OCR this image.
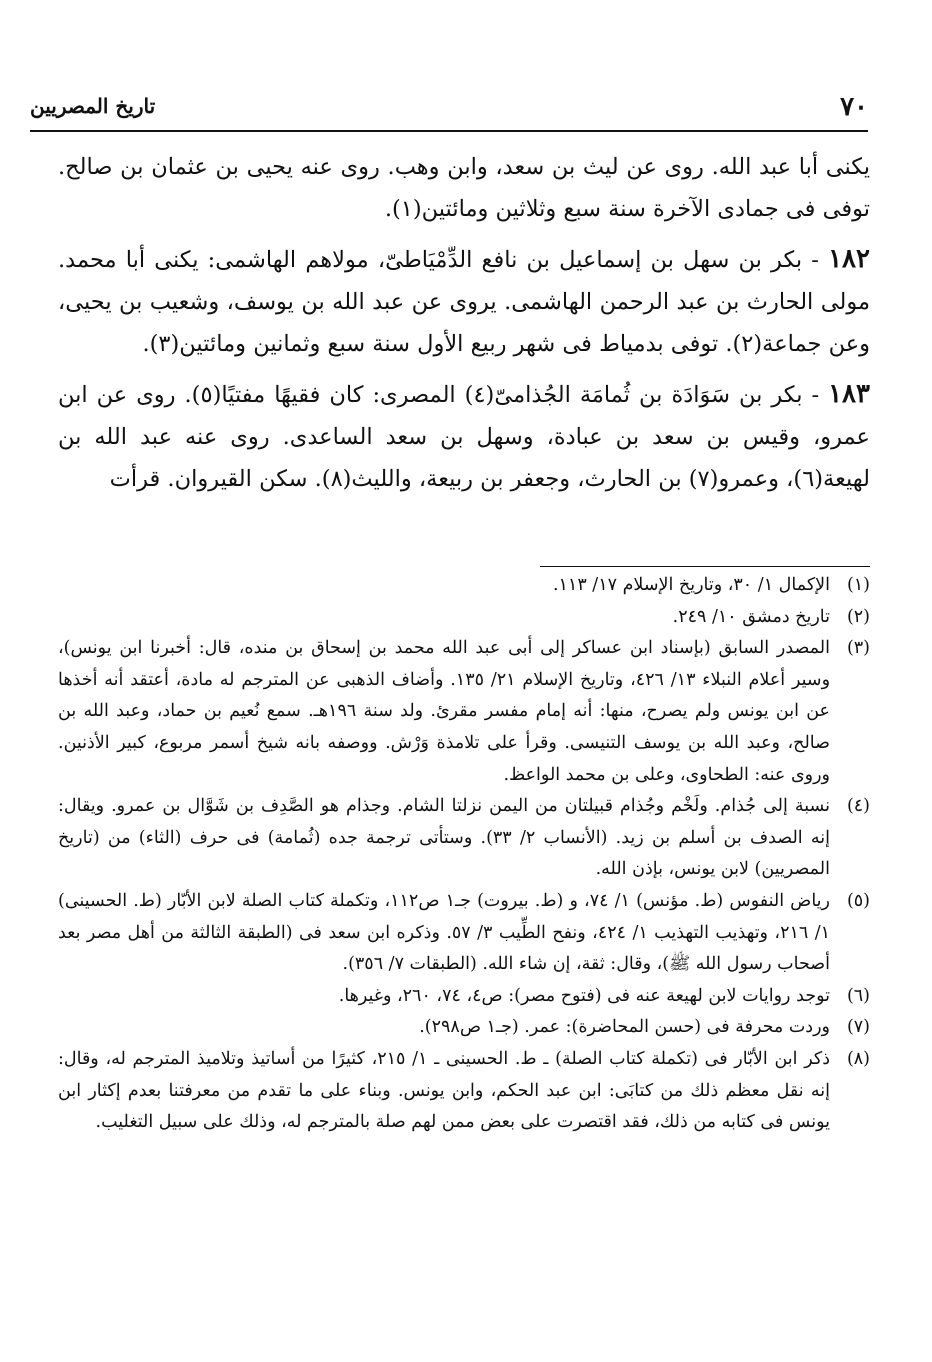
٧٠
تاريخ المصريين

يكنى أبا عبد الله. روى عن ليث بن سعد، وابن وهب. روى عنه يحيى بن عثمان بن صالح. توفى فى جمادى الآخرة سنة سبع وثلاثين ومائتين(١).

١٨٢ - بكر بن سهل بن إسماعيل بن نافع الدِّمْيَاطىّ، مولاهم الهاشمى: يكنى أبا محمد. مولى الحارث بن عبد الرحمن الهاشمى. يروى عن عبد الله بن يوسف، وشعيب بن يحيى، وعن جماعة(٢). توفى بدمياط فى شهر ربيع الأول سنة سبع وثمانين ومائتين(٣).

١٨٣ - بكر بن سَوَادَة بن ثُمامَة الجُذامىّ(٤) المصرى: كان فقيهًا مفتيًا(٥). روى عن ابن عمرو، وقيس بن سعد بن عبادة، وسهل بن سعد الساعدى. روى عنه عبد الله بن لهيعة(٦)، وعمرو(٧) بن الحارث، وجعفر بن ربيعة، والليث(٨). سكن القيروان. قرأت

(١)
الإكمال ١/ ٣٠، وتاريخ الإسلام ١٧/ ١١٣.
(٢)
تاريخ دمشق ١٠/ ٢٤٩.
(٣)
المصدر السابق (بإسناد ابن عساكر إلى أبى عبد الله محمد بن إسحاق بن منده، قال: أخبرنا ابن يونس)، وسير أعلام النبلاء ١٣/ ٤٢٦، وتاريخ الإسلام ٢١/ ١٣٥. وأضاف الذهبى عن المترجم له مادة، أعتقد أنه أخذها عن ابن يونس ولم يصرح، منها: أنه إمام مفسر مقرئ. ولد سنة ١٩٦هـ. سمع نُعيم بن حماد، وعبد الله بن صالح، وعبد الله بن يوسف التنيسى. وقرأ على تلامذة وَرْش. ووصفه بانه شيخ أسمر مربوع، كبير الأذنين. وروى عنه: الطحاوى، وعلى بن محمد الواعظ.
(٤)
نسبة إلى جُذام. ولَخْم وجُذام قبيلتان من اليمن نزلتا الشام. وجذام هو الصَّدِف بن شَوَّال بن عمرو. ويقال: إنه الصدف بن أسلم بن زيد. (الأنساب ٢/ ٣٣). وستأتى ترجمة جده (ثُمامة) فى حرف (الثاء) من (تاريخ المصريين) لابن يونس، بإذن الله.
(٥)
رياض النفوس (ط. مؤنس) ١/ ٧٤، و (ط. بيروت) جـ١ ص١١٢، وتكملة كتاب الصلة لابن الأبّار (ط. الحسينى) ١/ ٢١٦، وتهذيب التهذيب ١/ ٤٢٤، ونفح الطِّيب ٣/ ٥٧. وذكره ابن سعد فى (الطبقة الثالثة من أهل مصر بعد أصحاب رسول الله ﷺ)، وقال: ثقة، إن شاء الله. (الطبقات ٧/ ٣٥٦).
(٦)
توجد روايات لابن لهيعة عنه فى (فتوح مصر): ص٤، ٧٤، ٢٦٠، وغيرها.
(٧)
وردت محرفة فى (حسن المحاضرة): عمر. (جـ١ ص٢٩٨).
(٨)
ذكر ابن الأبّار فى (تكملة كتاب الصلة) ـ ط. الحسينى ـ ١/ ٢١٥، كثيرًا من أساتيذ وتلاميذ المترجم له، وقال: إنه نقل معظم ذلك من كتابَى: ابن عبد الحكم، وابن يونس. وبناء على ما تقدم من معرفتنا بعدم إكثار ابن يونس فى كتابه من ذلك، فقد اقتصرت على بعض ممن لهم صلة بالمترجم له، وذلك على سبيل التغليب.
